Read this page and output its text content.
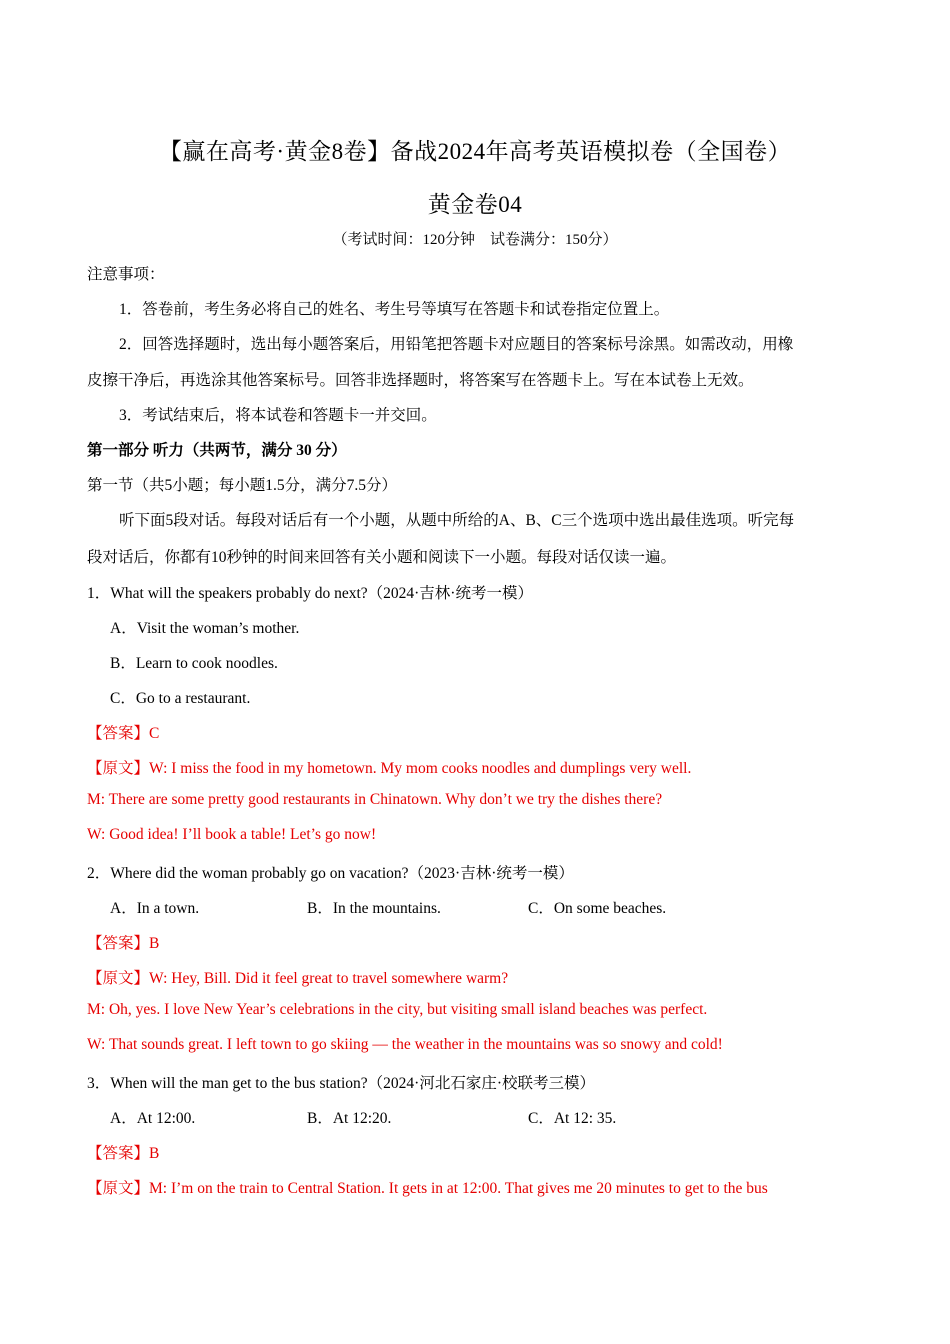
【赢在高考·黄金8卷】备战2024年高考英语模拟卷（全国卷）
黄金卷04
（考试时间：120分钟　试卷满分：150分）
注意事项：
1．答卷前，考生务必将自己的姓名、考生号等填写在答题卡和试卷指定位置上。
2．回答选择题时，选出每小题答案后，用铅笔把答题卡对应题目的答案标号涂黑。如需改动，用橡
皮擦干净后，再选涂其他答案标号。回答非选择题时，将答案写在答题卡上。写在本试卷上无效。
3．考试结束后，将本试卷和答题卡一并交回。
第一部分 听力（共两节，满分 30 分）
第一节（共5小题；每小题1.5分，满分7.5分）
听下面5段对话。每段对话后有一个小题，从题中所给的A、B、C三个选项中选出最佳选项。听完每
段对话后，你都有10秒钟的时间来回答有关小题和阅读下一小题。每段对话仅读一遍。
1．What will the speakers probably do next?（2024·吉林·统考一模）
A．Visit the woman’s mother.
B．Learn to cook noodles.
C．Go to a restaurant.
【答案】C
【原文】W: I miss the food in my hometown. My mom cooks noodles and dumplings very well.
M: There are some pretty good restaurants in Chinatown. Why don’t we try the dishes there?
W: Good idea! I’ll book a table! Let’s go now!
2．Where did the woman probably go on vacation?（2023·吉林·统考一模）
A．In a town.	B．In the mountains.	C．On some beaches.
【答案】B
【原文】W: Hey, Bill. Did it feel great to travel somewhere warm?
M: Oh, yes. I love New Year’s celebrations in the city, but visiting small island beaches was perfect.
W: That sounds great. I left town to go skiing — the weather in the mountains was so snowy and cold!
3．When will the man get to the bus station?（2024·河北石家庄·校联考三模）
A．At 12:00.	B．At 12:20.	C．At 12: 35.
【答案】B
【原文】M: I’m on the train to Central Station. It gets in at 12:00. That gives me 20 minutes to get to the bus
